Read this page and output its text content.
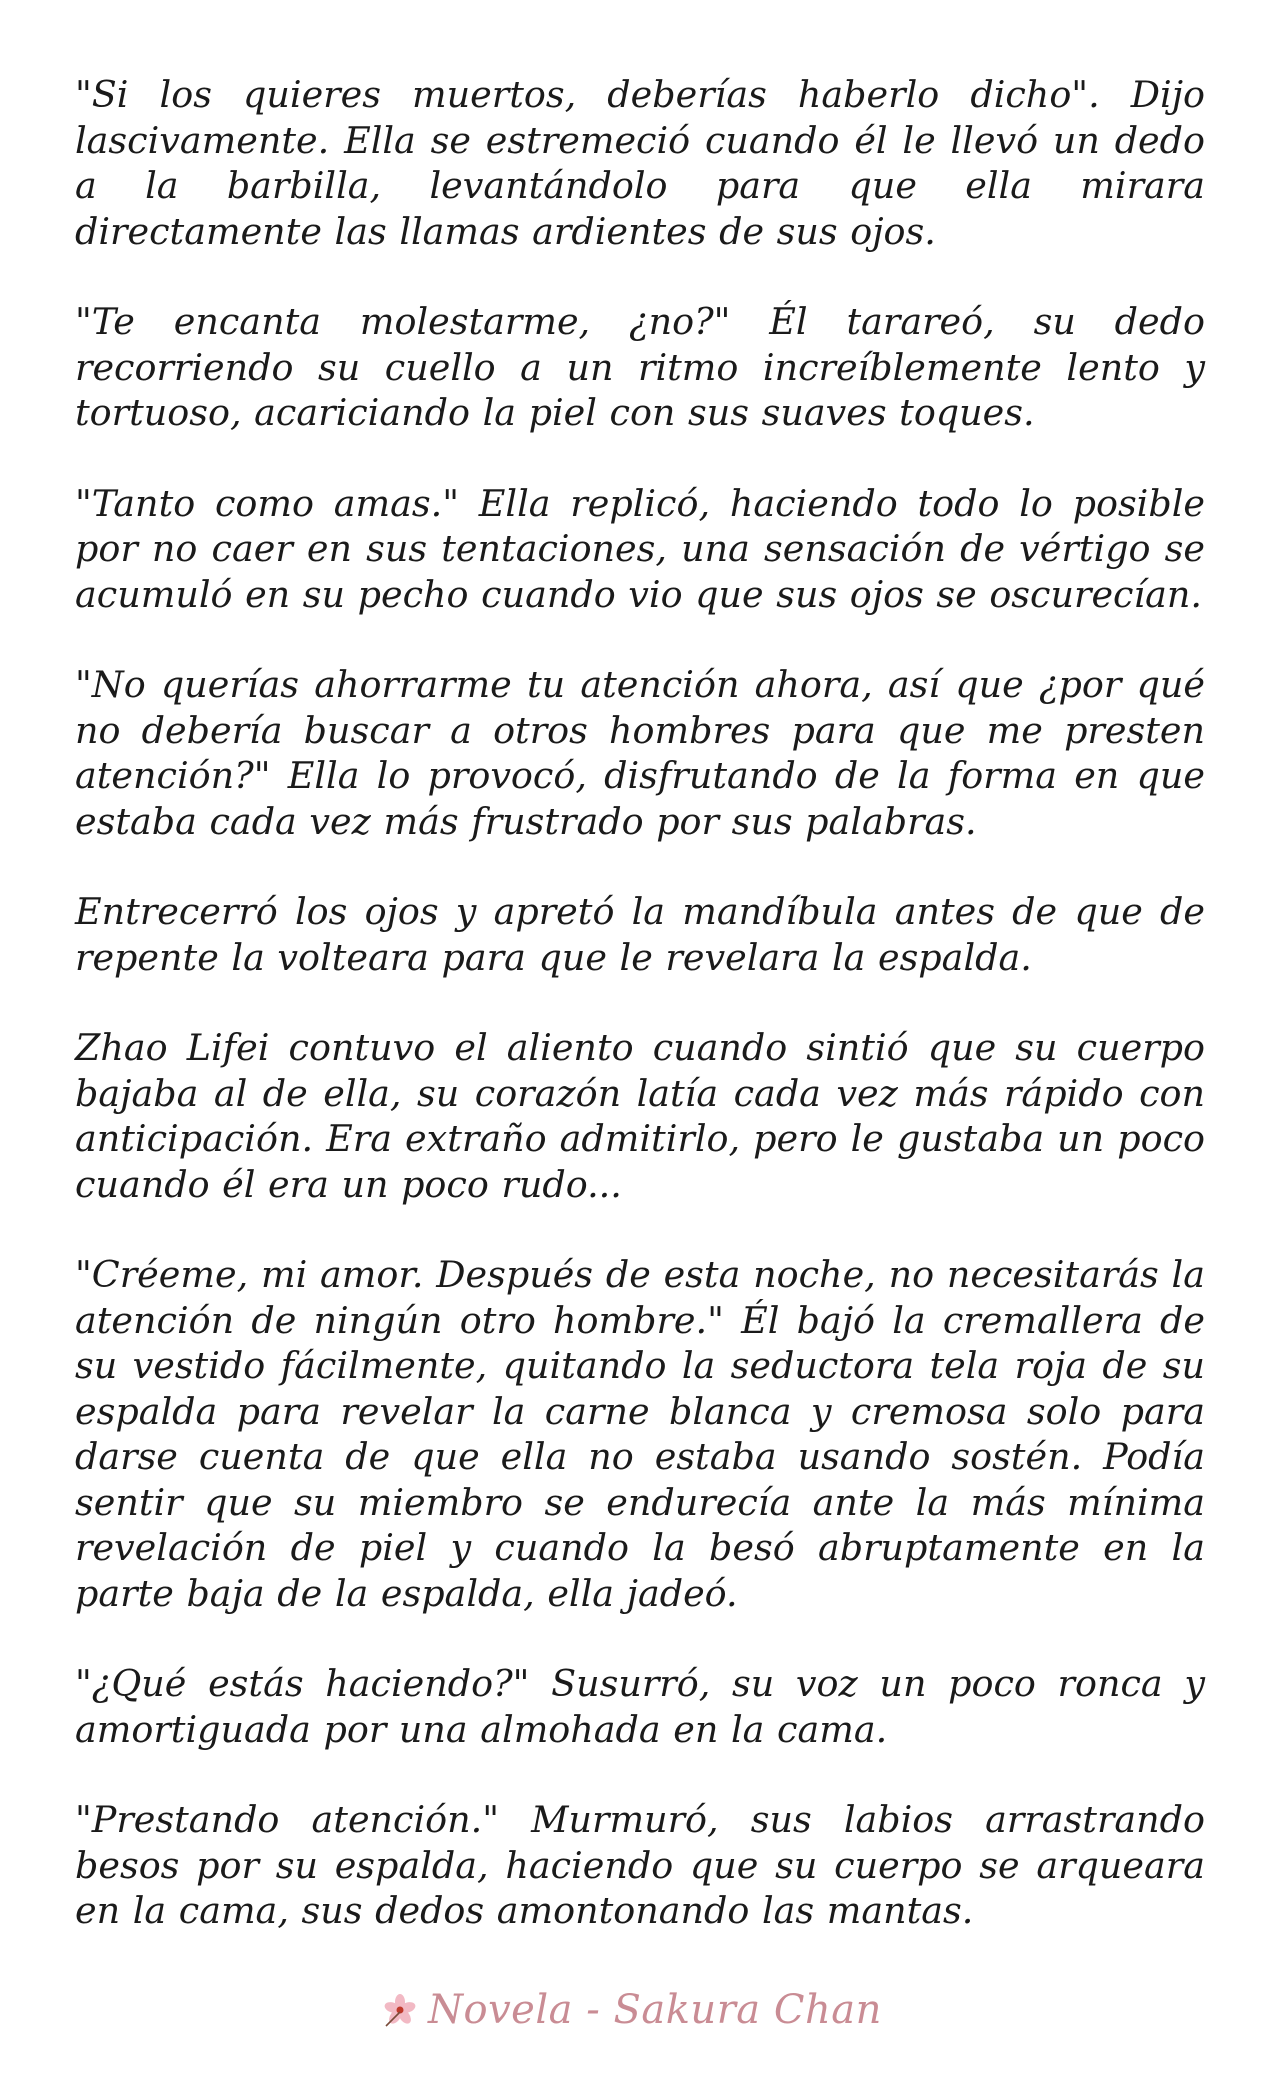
"Si los quieres muertos, deberías haberlo dicho". Dijo lascivamente. Ella se estremeció cuando él le llevó un dedo a la barbilla, levantándolo para que ella mirara directamente las llamas ardientes de sus ojos.

"Te encanta molestarme, ¿no?" Él tarareó, su dedo recorriendo su cuello a un ritmo increíblemente lento y tortuoso, acariciando la piel con sus suaves toques.

"Tanto como amas." Ella replicó, haciendo todo lo posible por no caer en sus tentaciones, una sensación de vértigo se acumuló en su pecho cuando vio que sus ojos se oscurecían.

"No querías ahorrarme tu atención ahora, así que ¿por qué no debería buscar a otros hombres para que me presten atención?" Ella lo provocó, disfrutando de la forma en que estaba cada vez más frustrado por sus palabras.

Entrecerró los ojos y apretó la mandíbula antes de que de repente la volteara para que le revelara la espalda.

Zhao Lifei contuvo el aliento cuando sintió que su cuerpo bajaba al de ella, su corazón latía cada vez más rápido con anticipación. Era extraño admitirlo, pero le gustaba un poco cuando él era un poco rudo...

"Créeme, mi amor. Después de esta noche, no necesitarás la atención de ningún otro hombre." Él bajó la cremallera de su vestido fácilmente, quitando la seductora tela roja de su espalda para revelar la carne blanca y cremosa solo para darse cuenta de que ella no estaba usando sostén. Podía sentir que su miembro se endurecía ante la más mínima revelación de piel y cuando la besó abruptamente en la parte baja de la espalda, ella jadeó.

"¿Qué estás haciendo?" Susurró, su voz un poco ronca y amortiguada por una almohada en la cama.

"Prestando atención." Murmuró, sus labios arrastrando besos por su espalda, haciendo que su cuerpo se arqueara en la cama, sus dedos amontonando las mantas.

Novela - Sakura Chan
